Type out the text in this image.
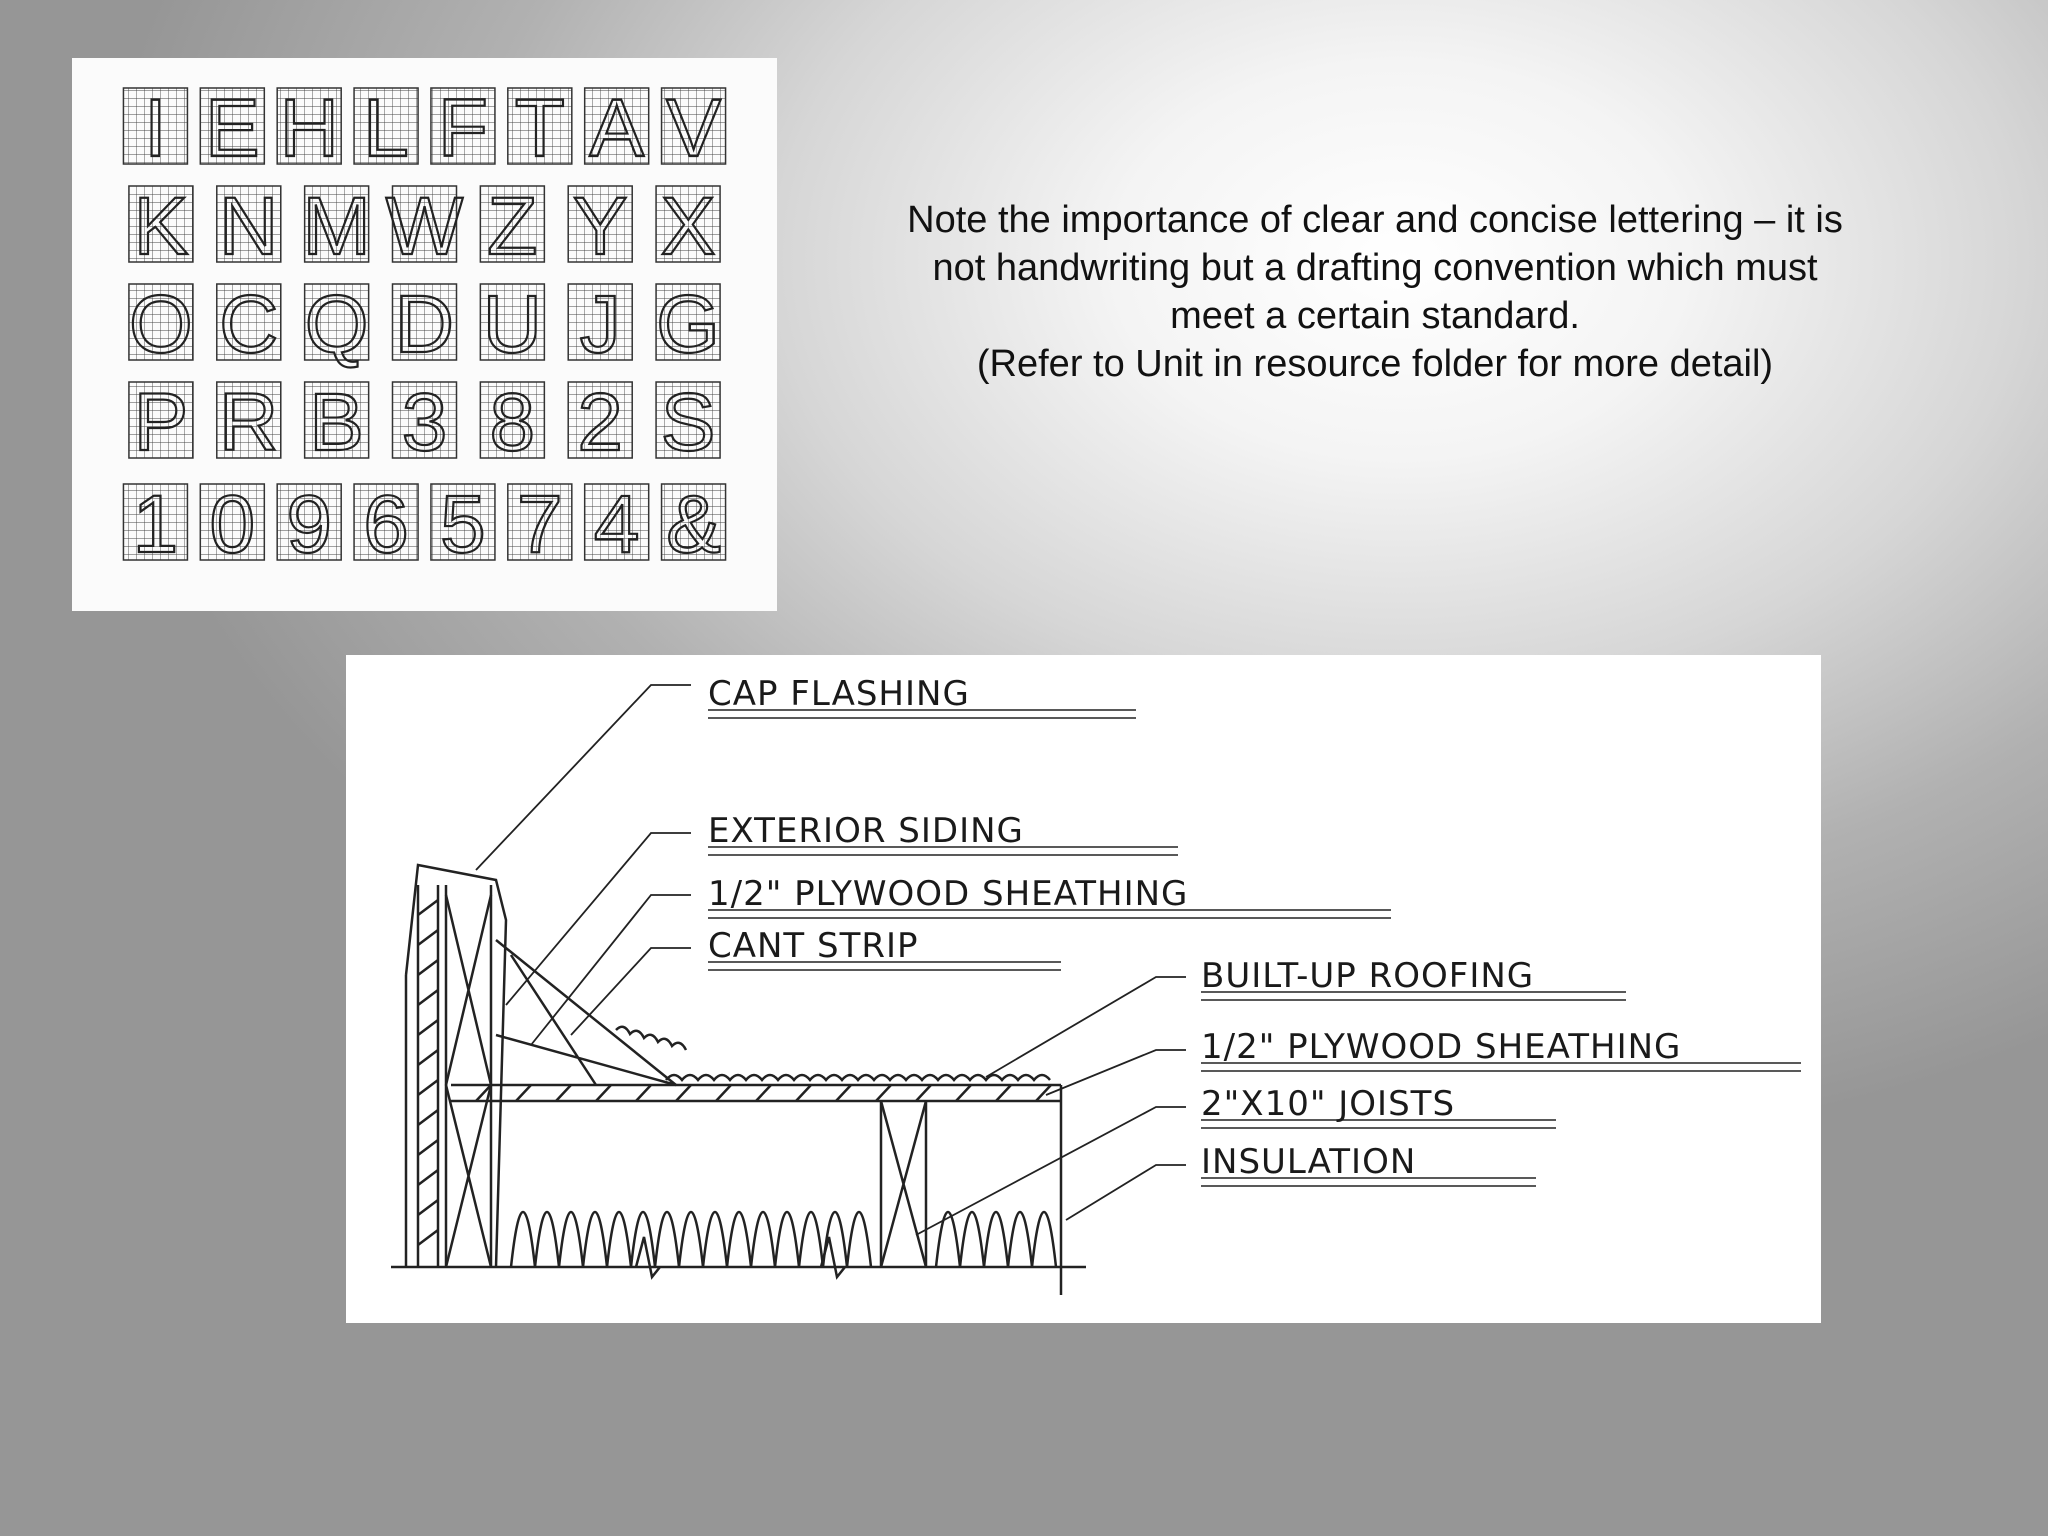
I E H L F T A V
K N M W Z Y X
O C Q D U J G
P R B 3 8 2 S
1 0 9 6 5 7 4 &
Note the importance of clear and concise lettering – it is
not handwriting but a drafting convention which must
meet a certain standard.
(Refer to Unit in resource folder for more detail)
CAP FLASHING
EXTERIOR SIDING
1/2" PLYWOOD SHEATHING
CANT STRIP
BUILT-UP ROOFING
1/2" PLYWOOD SHEATHING
2"X10" JOISTS
INSULATION
